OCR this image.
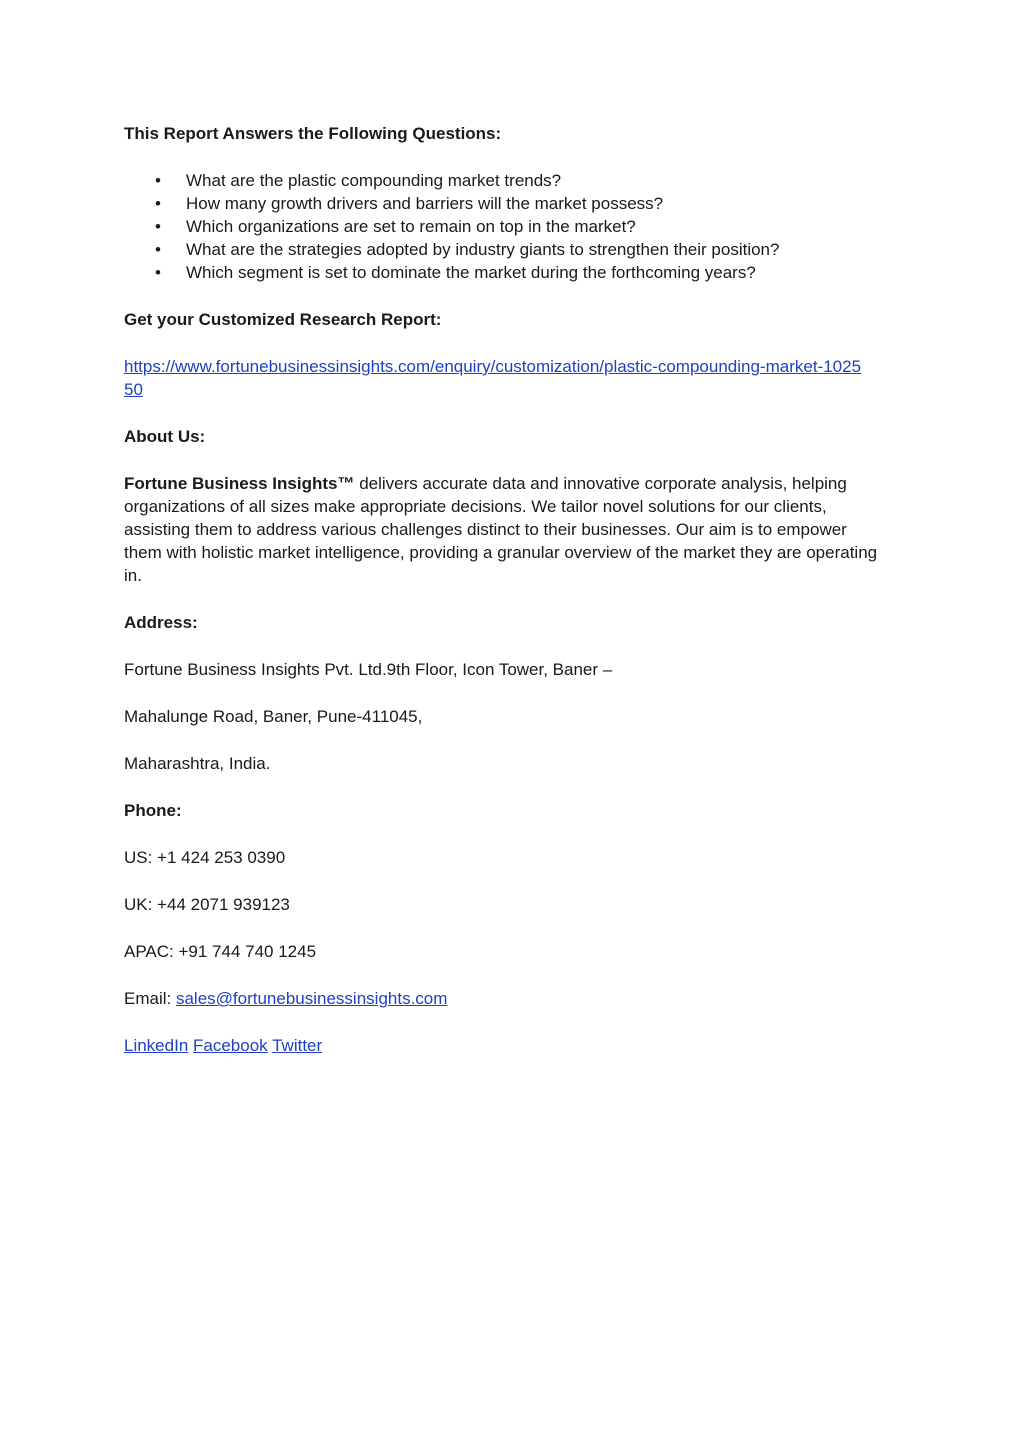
This Report Answers the Following Questions:

• What are the plastic compounding market trends?
• How many growth drivers and barriers will the market possess?
• Which organizations are set to remain on top in the market?
• What are the strategies adopted by industry giants to strengthen their position?
• Which segment is set to dominate the market during the forthcoming years?

Get your Customized Research Report:

https://www.fortunebusinessinsights.com/enquiry/customization/plastic-compounding-market-102550

About Us:

Fortune Business Insights™ delivers accurate data and innovative corporate analysis, helping organizations of all sizes make appropriate decisions. We tailor novel solutions for our clients, assisting them to address various challenges distinct to their businesses. Our aim is to empower them with holistic market intelligence, providing a granular overview of the market they are operating in.

Address:

Fortune Business Insights Pvt. Ltd.9th Floor, Icon Tower, Baner –

Mahalunge Road, Baner, Pune-411045,

Maharashtra, India.

Phone:

US: +1 424 253 0390

UK: +44 2071 939123

APAC: +91 744 740 1245

Email: sales@fortunebusinessinsights.com

LinkedIn Facebook Twitter
